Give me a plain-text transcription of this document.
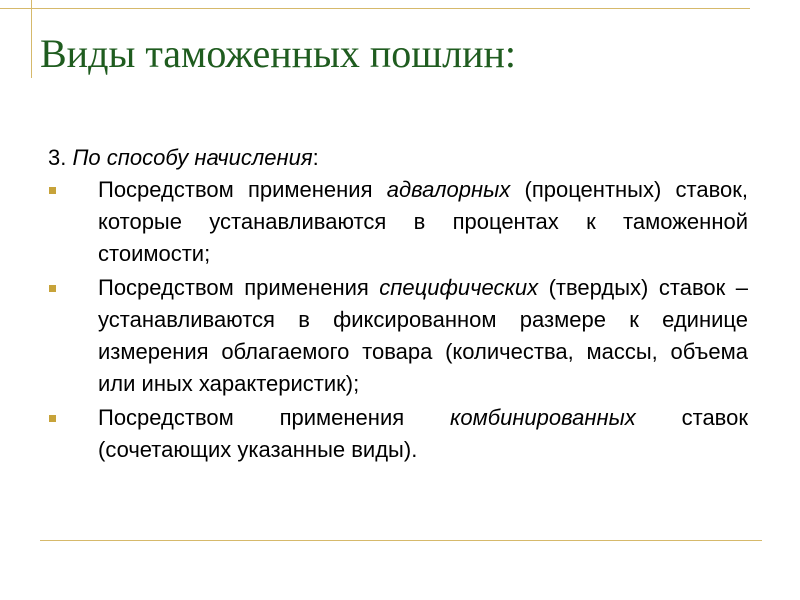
Виды таможенных пошлин:

3. По способу начисления:

Посредством применения адвалорных (процентных) ставок, которые устанавливаются в процентах к таможенной стоимости;
Посредством применения специфических (твердых) ставок – устанавливаются в фиксированном размере к единице измерения облагаемого товара (количества, массы, объема или иных характеристик);
Посредством применения комбинированных ставок (сочетающих указанные виды).
